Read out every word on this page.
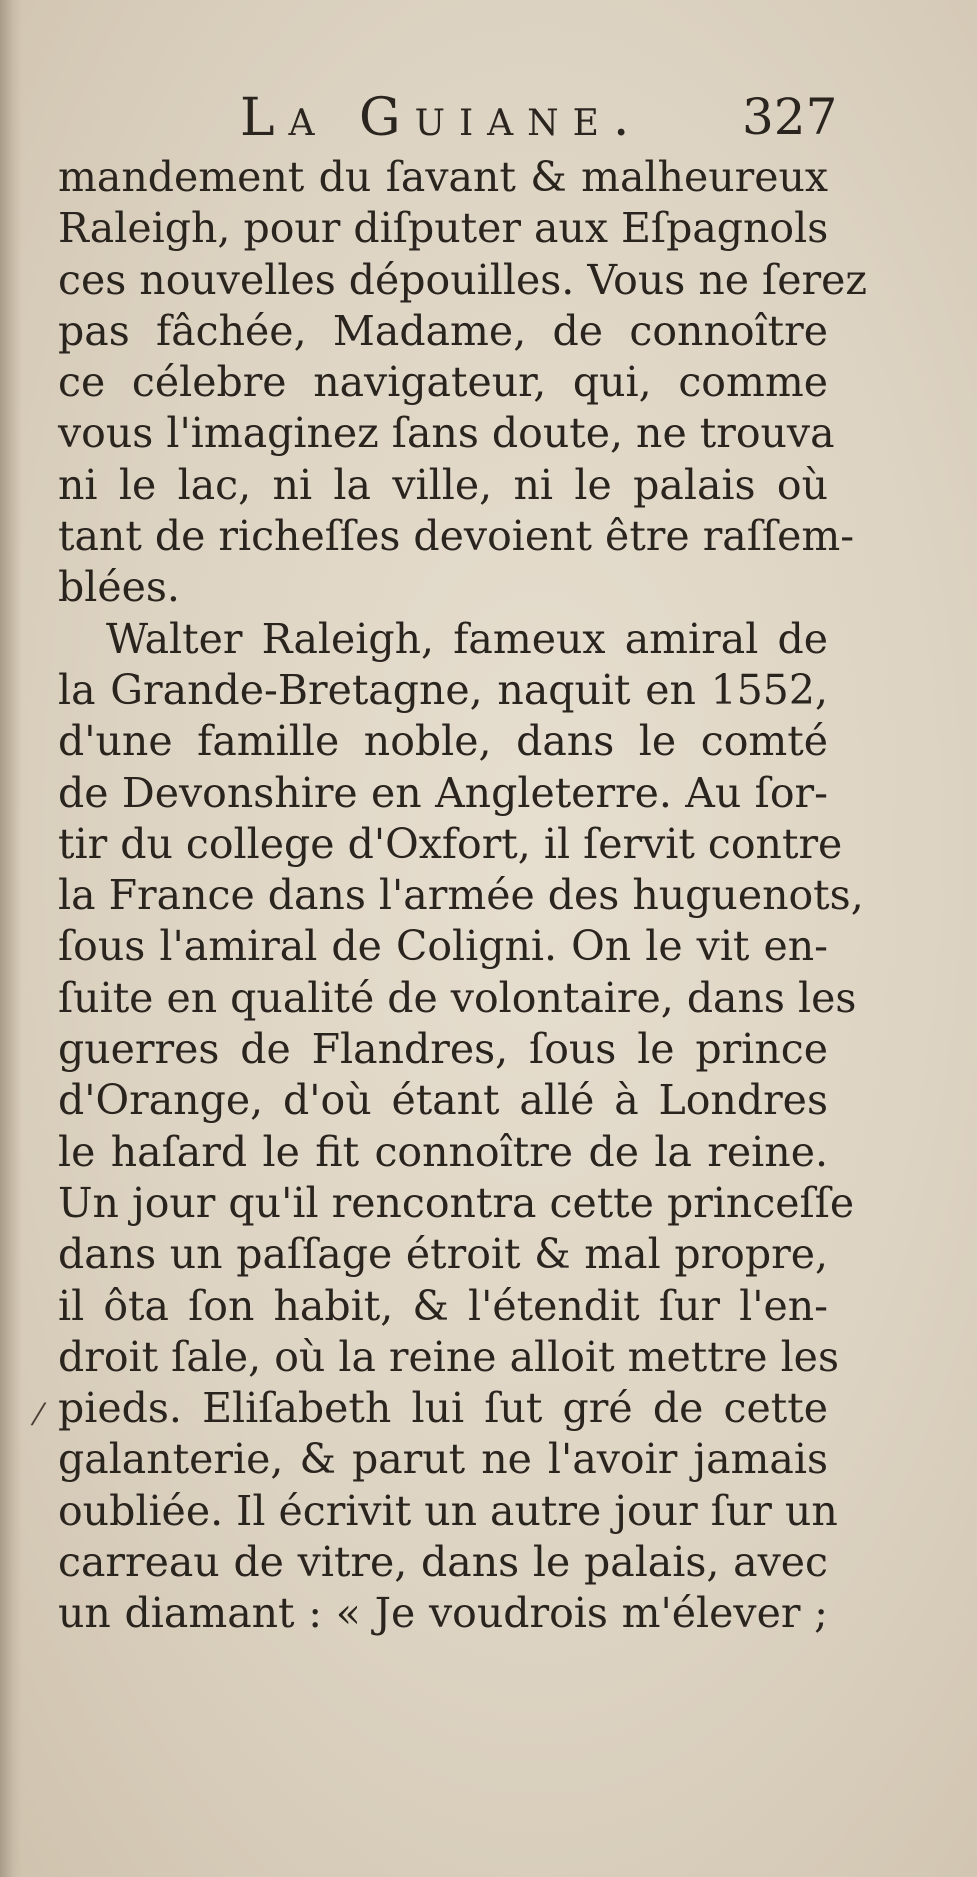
La Guiane. 327
mandement du ſavant & malheureux
Raleigh, pour diſputer aux Eſpagnols
ces nouvelles dépouilles. Vous ne ſerez
pas fâchée, Madame, de connoître
ce célebre navigateur, qui, comme
vous l'imaginez ſans doute, ne trouva
ni le lac, ni la ville, ni le palais où
tant de richeſſes devoient être raſſem-
blées.
Walter Raleigh, fameux amiral de
la Grande-Bretagne, naquit en 1552,
d'une famille noble, dans le comté
de Devonshire en Angleterre. Au ſor-
tir du college d'Oxfort, il ſervit contre
la France dans l'armée des huguenots,
ſous l'amiral de Coligni. On le vit en-
ſuite en qualité de volontaire, dans les
guerres de Flandres, ſous le prince
d'Orange, d'où étant allé à Londres
le haſard le fit connoître de la reine.
Un jour qu'il rencontra cette princeſſe
dans un paſſage étroit & mal propre,
il ôta ſon habit, & l'étendit ſur l'en-
droit ſale, où la reine alloit mettre les
pieds. Eliſabeth lui ſut gré de cette
galanterie, & parut ne l'avoir jamais
oubliée. Il écrivit un autre jour ſur un
carreau de vitre, dans le palais, avec
un diamant : « Je voudrois m'élever ;
⁄
